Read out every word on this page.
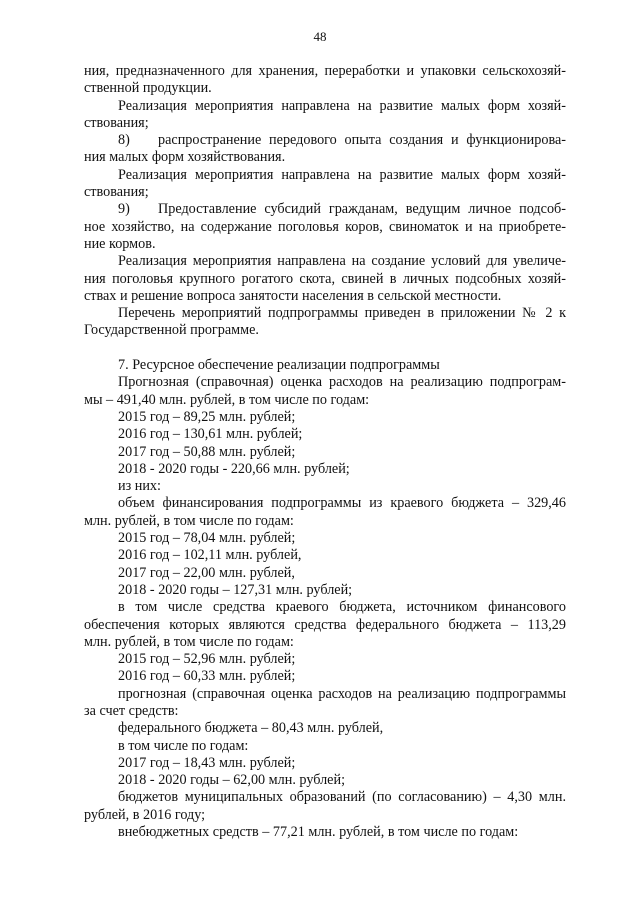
48
ния, предназначенного для хранения, переработки и упаковки сельскохозяй-
ственной продукции.
Реализация мероприятия направлена на развитие малых форм хозяй-
ствования;
8) распространение передового опыта создания и функционирова-
ния малых форм хозяйствования.
Реализация мероприятия направлена на развитие малых форм хозяй-
ствования;
9) Предоставление субсидий гражданам, ведущим личное подсоб-
ное хозяйство, на содержание поголовья коров, свиноматок и на приобрете-
ние кормов.
Реализация мероприятия направлена на создание условий для увеличе-
ния поголовья крупного рогатого скота, свиней в личных подсобных хозяй-
ствах и решение вопроса занятости населения в сельской местности.
Перечень мероприятий подпрограммы приведен в приложении № 2 к
Государственной программе.
7. Ресурсное обеспечение реализации подпрограммы
Прогнозная (справочная) оценка расходов на реализацию подпрограм-
мы – 491,40 млн. рублей, в том числе по годам:
2015 год – 89,25 млн. рублей;
2016 год – 130,61 млн. рублей;
2017 год – 50,88 млн. рублей;
2018 - 2020 годы - 220,66 млн. рублей;
из них:
объем финансирования подпрограммы из краевого бюджета – 329,46
млн. рублей, в том числе по годам:
2015 год – 78,04 млн. рублей;
2016 год – 102,11 млн. рублей,
2017 год – 22,00 млн. рублей,
2018 - 2020 годы – 127,31 млн. рублей;
в том числе средства краевого бюджета, источником финансового
обеспечения которых являются средства федерального бюджета – 113,29
млн. рублей, в том числе по годам:
2015 год – 52,96 млн. рублей;
2016 год – 60,33 млн. рублей;
прогнозная (справочная оценка расходов на реализацию подпрограммы
за счет средств:
федерального бюджета – 80,43 млн. рублей,
в том числе по годам:
2017 год – 18,43 млн. рублей;
2018 - 2020 годы – 62,00 млн. рублей;
бюджетов муниципальных образований (по согласованию) – 4,30 млн.
рублей, в 2016 году;
внебюджетных средств – 77,21 млн. рублей, в том числе по годам:
